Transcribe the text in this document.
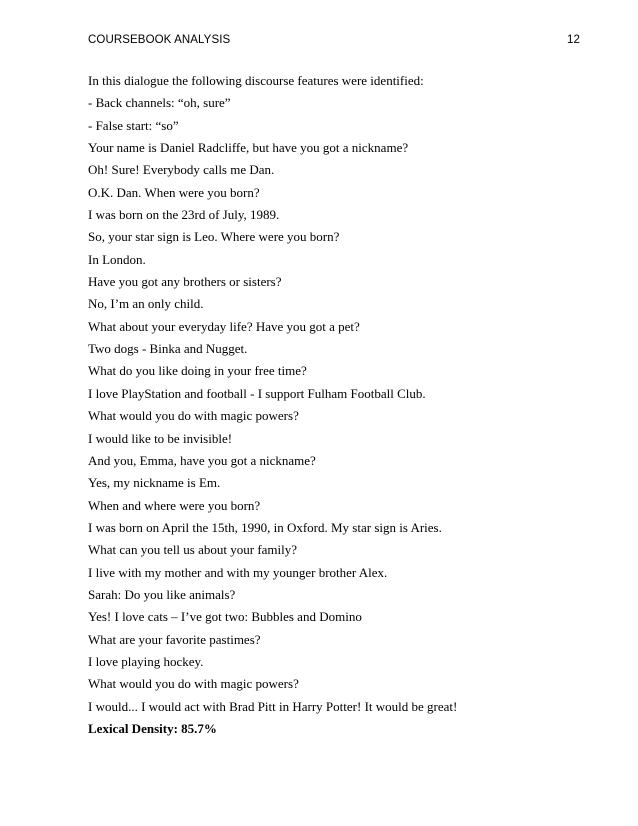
COURSEBOOK ANALYSIS	12
In this dialogue the following discourse features were identified:
- Back channels: “oh, sure”
- False start: “so”
Your name is Daniel Radcliffe, but have you got a nickname?
Oh! Sure! Everybody calls me Dan.
O.K. Dan. When were you born?
I was born on the 23rd of July, 1989.
So, your star sign is Leo. Where were you born?
In London.
Have you got any brothers or sisters?
No, I’m an only child.
What about your everyday life? Have you got a pet?
Two dogs - Binka and Nugget.
What do you like doing in your free time?
I love PlayStation and football - I support Fulham Football Club.
What would you do with magic powers?
I would like to be invisible!
And you, Emma, have you got a nickname?
Yes, my nickname is Em.
When and where were you born?
I was born on April the 15th, 1990, in Oxford. My star sign is Aries.
What can you tell us about your family?
I live with my mother and with my younger brother Alex.
Sarah: Do you like animals?
Yes! I love cats – I’ve got two: Bubbles and Domino
What are your favorite pastimes?
I love playing hockey.
What would you do with magic powers?
I would... I would act with Brad Pitt in Harry Potter! It would be great!
Lexical Density: 85.7%
